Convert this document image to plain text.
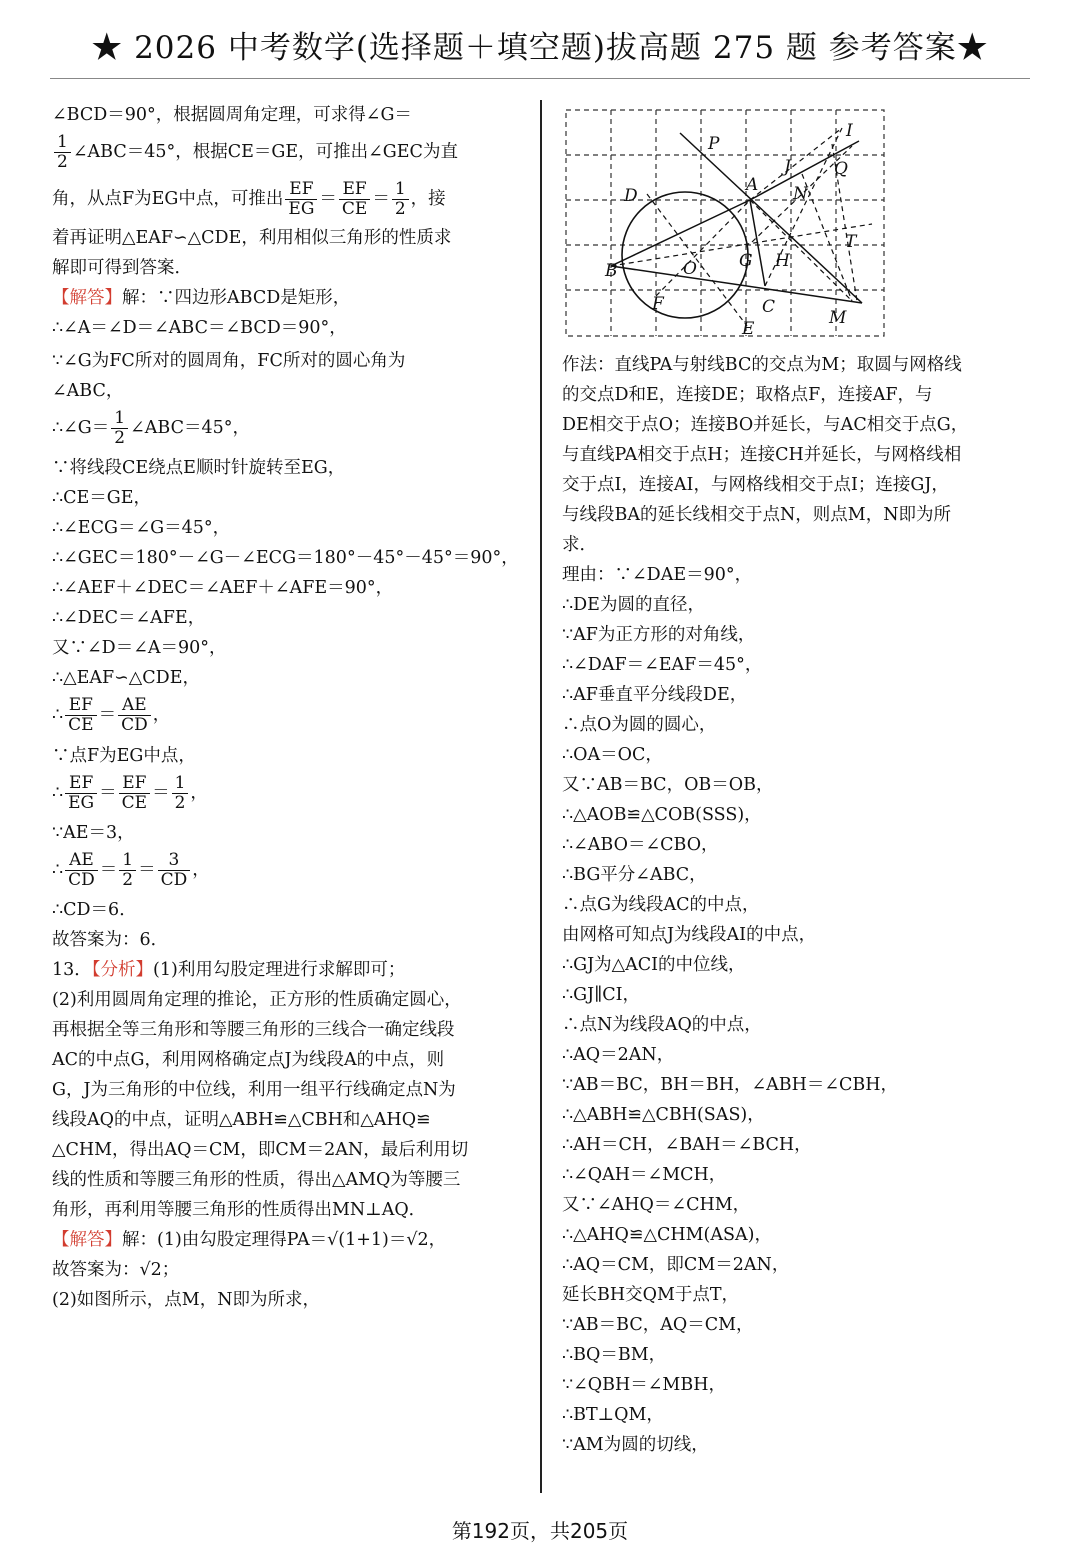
★ 2026 中考数学(选择题＋填空题)拔高题 275 题 参考答案★
∠BCD＝90°，根据圆周角定理，可求得∠G＝
$\frac{1}{2}$ ∠ABC＝45°，根据CE＝GE，可推出∠GEC为直
角，从点F为EG中点，可推出 $\frac{EF}{EG} = \frac{EF}{CE} = \frac{1}{2}$ ，接
着再证明△EAF∽△CDE，利用相似三角形的性质求
解即可得到答案．
【解答】解：∵四边形ABCD是矩形，
∴∠A＝∠D＝∠ABC＝∠BCD＝90°，
∵∠G为FC所对的圆周角，FC所对的圆心角为
∠ABC，
∴∠G＝ $\frac{1}{2}$ ∠ABC＝45°，
∵将线段CE绕点E顺时针旋转至EG，
∴CE＝GE，
∴∠ECG＝∠G＝45°，
∴∠GEC＝180°－∠G－∠ECG＝180°－45°－45°＝90°，
∴∠AEF＋∠DEC＝∠AEF＋∠AFE＝90°，
∴∠DEC＝∠AFE，
又∵∠D＝∠A＝90°，
∴△EAF∽△CDE，
∴ $\frac{EF}{CE} = \frac{AE}{CD}$ ，
∵点F为EG中点，
∴ $\frac{EF}{EG} = \frac{EF}{CE} = \frac{1}{2}$ ，
∵AE＝3，
∴ $\frac{AE}{CD} = \frac{1}{2} = \frac{3}{CD}$ ，
∴CD＝6．
故答案为：6．
13．【分析】(1)利用勾股定理进行求解即可；
(2)利用圆周角定理的推论，正方形的性质确定圆心，
再根据全等三角形和等腰三角形的三线合一确定线段
AC的中点G，利用网格确定点J为线段A的中点，则
G，J为三角形的中位线，利用一组平行线确定点N为
线段AQ的中点，证明△ABH≌△CBH和△AHQ≌
△CHM，得出AQ＝CM，即CM＝2AN，最后利用切
线的性质和等腰三角形的性质，得出△AMQ为等腰三
角形，再利用等腰三角形的性质得出MN⊥AQ．
【解答】解：(1)由勾股定理得PA＝√(1+1)＝√2，
故答案为：√2；
(2)如图所示，点M，N即为所求，
P
I
J	Q
A N
D
T
O G H
B
F	C
M
E
作法：直线PA与射线BC的交点为M；取圆与网格线
的交点D和E，连接DE；取格点F，连接AF，与
DE相交于点O；连接BO并延长，与AC相交于点G，
与直线PA相交于点H；连接CH并延长，与网格线相
交于点I，连接AI，与网格线相交于点I；连接GJ，
与线段BA的延长线相交于点N，则点M，N即为所
求．
理由：∵∠DAE＝90°，
∴DE为圆的直径，
∵AF为正方形的对角线，
∴∠DAF＝∠EAF＝45°，
∴AF垂直平分线段DE，
∴点O为圆的圆心，
∴OA＝OC，
又∵AB＝BC，OB＝OB，
∴△AOB≌△COB(SSS)，
∴∠ABO＝∠CBO，
∴BG平分∠ABC，
∴点G为线段AC的中点，
由网格可知点J为线段AI的中点，
∴GJ为△ACI的中位线，
∴GJ∥CI，
∴点N为线段AQ的中点，
∴AQ＝2AN，
∵AB＝BC，BH＝BH，∠ABH＝∠CBH，
∴△ABH≌△CBH(SAS)，
∴AH＝CH，∠BAH＝∠BCH，
∴∠QAH＝∠MCH，
又∵∠AHQ＝∠CHM，
∴△AHQ≌△CHM(ASA)，
∴AQ＝CM，即CM＝2AN，
延长BH交QM于点T，
∵AB＝BC，AQ＝CM，
∴BQ＝BM，
∵∠QBH＝∠MBH，
∴BT⊥QM，
∵AM为圆的切线，
第192页，共205页
